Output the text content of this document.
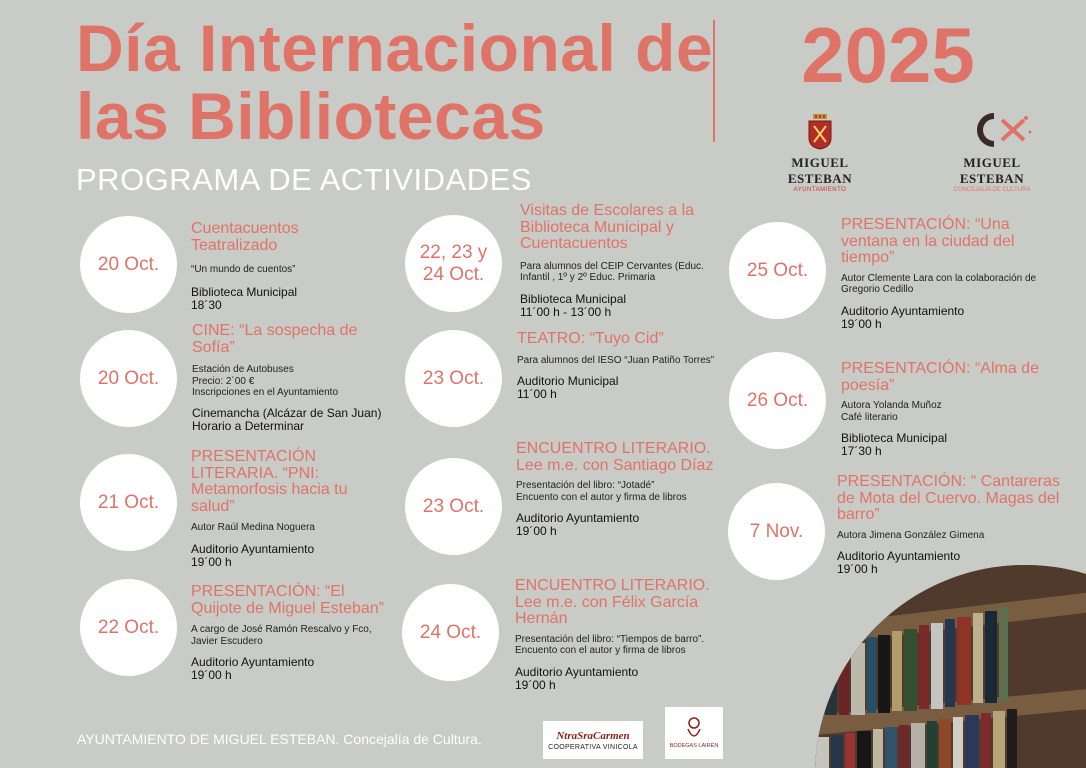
Día Internacional de las Bibliotecas
2025
PROGRAMA DE ACTIVIDADES	MIGUEL ESTEBAN
AYUNTAMIENTO
MIGUEL ESTEBAN
CONCEJALÍA DE CULTURA
20 Oct.
Cuentacuentos Teatralizado
“Un mundo de cuentos”
Biblioteca Municipal
18´30
20 Oct.
CINE: “La sospecha de Sofía”
Estación de Autobuses
Precio: 2´00 €
Inscripciones en el Ayuntamiento
Cinemancha (Alcázar de San Juan)
Horario a Determinar
21 Oct.
PRESENTACIÓN LITERARIA. “PNI: Metamorfosis hacia tu salud”
Autor Raúl Medina Noguera
Auditorio Ayuntamiento
19´00 h
22 Oct.
PRESENTACIÓN: “El Quijote de Miguel Esteban”
A cargo de José Ramón Rescalvo y Fco, Javier Escudero
Auditorio Ayuntamiento
19´00 h
22, 23 y 24 Oct.
Visitas de Escolares a la Biblioteca Municipal y Cuentacuentos
Para alumnos del CEIP Cervantes (Educ. Infantil , 1º y 2º Educ. Primaria
Biblioteca Municipal
11´00 h - 13´00 h
23 Oct.
TEATRO: “Tuyo Cid”
Para alumnos del IESO “Juan Patiño Torres”
Auditorio Municipal
11´00 h
23 Oct.
ENCUENTRO LITERARIO. Lee m.e. con Santiago Díaz
Presentación del libro: “Jotadé”
Encuento con el autor y firma de libros
Auditorio Ayuntamiento
19´00 h
24 Oct.
ENCUENTRO LITERARIO. Lee m.e. con Félix García Hernán
Presentación del libro: “Tiempos de barro”.
Encuento con el autor y firma de libros
Auditorio Ayuntamiento
19´00 h
25 Oct.
PRESENTACIÓN: “Una ventana en la ciudad del tiempo”
Autor Clemente Lara con la colaboración de Gregorio Cedillo
Auditorio Ayuntamiento
19´00 h
26 Oct.
PRESENTACIÓN: “Alma de poesía”
Autora Yolanda Muñoz
Café literario
Biblioteca Municipal
17´30 h
7 Nov.
PRESENTACIÓN: “ Cantareras de Mota del Cuervo. Magas del barro”
Autora Jimena González Gimena
Auditorio Ayuntamiento
19´00 h
AYUNTAMIENTO DE MIGUEL ESTEBAN. Concejalía de Cultura.	NtraSraCarmen
COOPERATIVA VINICOLA	BODEGAS LAIRÉN
